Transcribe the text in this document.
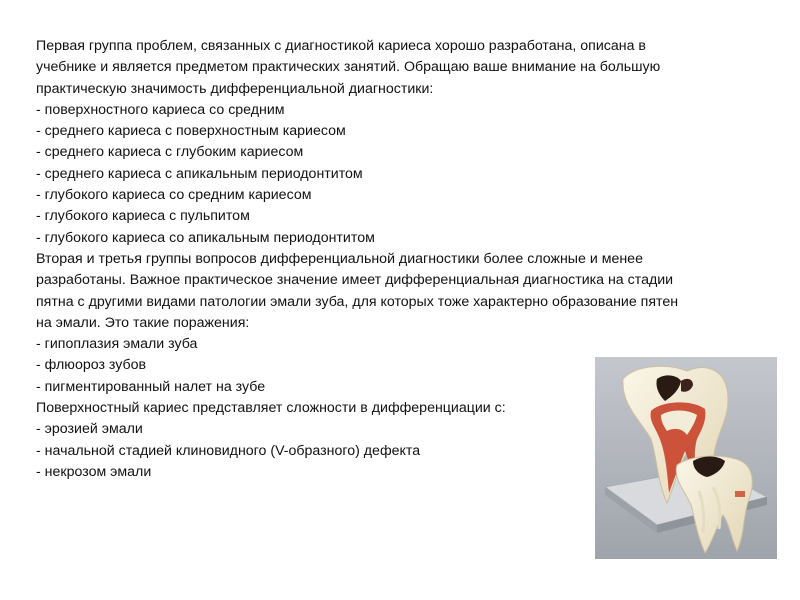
Первая группа проблем, связанных с диагностикой кариеса хорошо разработана, описана в
учебнике и является предметом практических занятий. Обращаю ваше внимание на большую
практическую значимость дифференциальной диагностики:
- поверхностного кариеса со средним
- среднего кариеса с поверхностным кариесом
- среднего кариеса с глубоким кариесом
- среднего кариеса с апикальным периодонтитом
- глубокого кариеса со средним кариесом
- глубокого кариеса с пульпитом
- глубокого кариеса со апикальным периодонтитом
Вторая и третья группы вопросов дифференциальной диагностики более сложные и менее
разработаны. Важное практическое значение имеет дифференциальная диагностика на стадии
пятна с другими видами патологии эмали зуба, для которых тоже характерно образование пятен
на эмали. Это такие поражения:
- гипоплазия эмали зуба
- флюороз зубов
- пигментированный налет на зубе
Поверхностный кариес представляет сложности в дифференциации с:
- эрозией эмали
- начальной стадией клиновидного (V-образного) дефекта
- некрозом эмали
